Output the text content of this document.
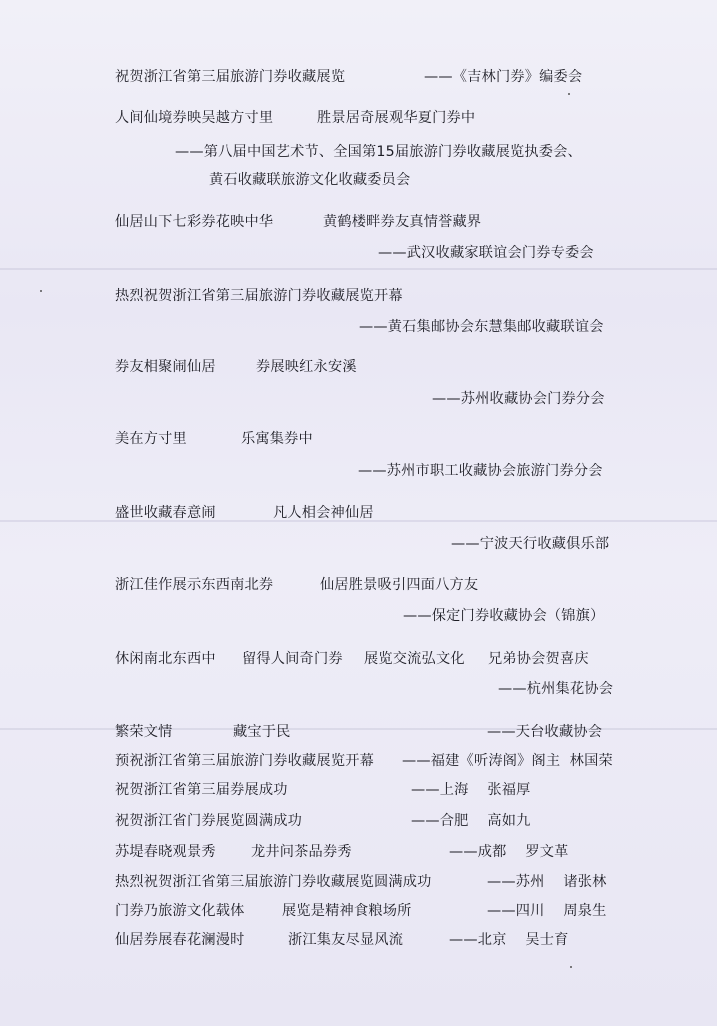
祝贺浙江省第三届旅游门券收藏展览	——《吉林门券》编委会
人间仙境券映吴越方寸里	胜景居奇展观华夏门券中
——第八届中国艺术节、全国第15届旅游门券收藏展览执委会、
黄石收藏联旅游文化收藏委员会
仙居山下七彩券花映中华	黄鹤楼畔券友真情誉藏界
——武汉收藏家联谊会门券专委会
热烈祝贺浙江省第三届旅游门券收藏展览开幕
——黄石集邮协会东慧集邮收藏联谊会
券友相聚闹仙居	券展映红永安溪
——苏州收藏协会门券分会
美在方寸里	乐寓集券中
——苏州市职工收藏协会旅游门券分会
盛世收藏春意闹	凡人相会神仙居
——宁波天行收藏俱乐部
浙江佳作展示东西南北券	仙居胜景吸引四面八方友
——保定门券收藏协会（锦旗）
休闲南北东西中 留得人间奇门券 展览交流弘文化 兄弟协会贺喜庆
——杭州集花协会
繁荣文情	藏宝于民	——天台收藏协会
预祝浙江省第三届旅游门券收藏展览开幕 ——福建《听涛阁》阁主  林国荣
祝贺浙江省第三届券展成功	——上海    张福厚
祝贺浙江省门券展览圆满成功	——合肥    高如九
苏堤春晓观景秀 龙井问茶品券秀	——成都    罗文革
热烈祝贺浙江省第三届旅游门券收藏展览圆满成功	——苏州    诸张林
门券乃旅游文化载体	展览是精神食粮场所	——四川    周泉生
仙居券展春花澜漫时	浙江集友尽显风流	——北京    吴士育
